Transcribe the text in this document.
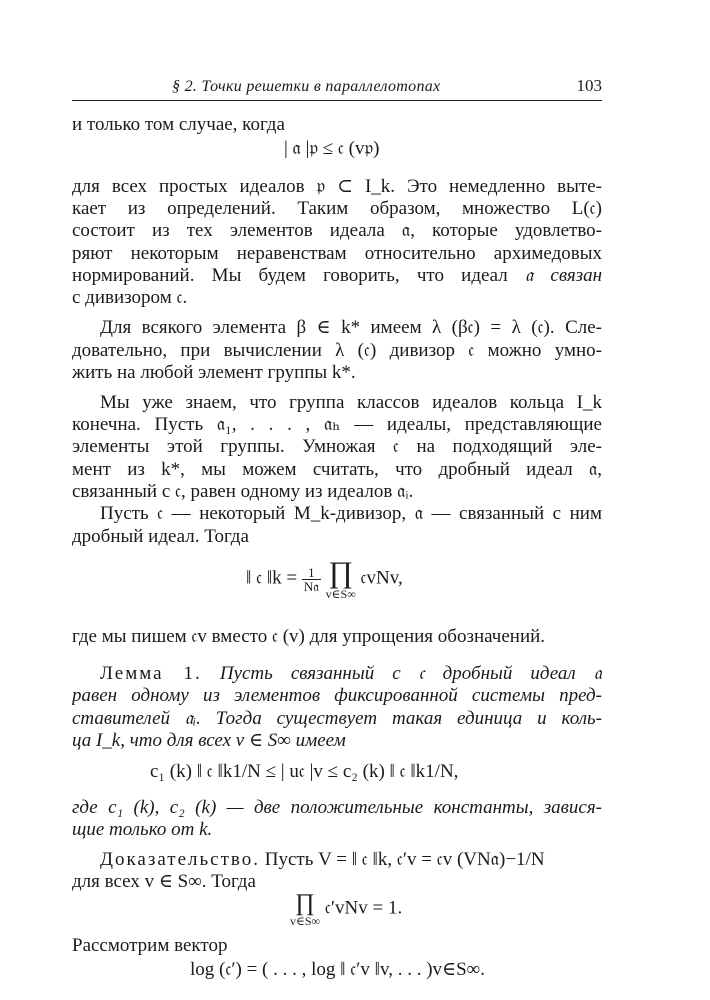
§ 2. Точки решетки в параллелотопах	103
и только том случае, когда
| 𝔞 |𝔭 ≤ 𝔠 (v𝔭)
для всех простых идеалов 𝔭 ⊂ I_k. Это немедленно выте-
кает из определений. Таким образом, множество L(𝔠)
состоит из тех элементов идеала 𝔞, которые удовлетво-
ряют некоторым неравенствам относительно архимедовых
нормирований. Мы будем говорить, что идеал 𝔞 связан
с дивизором 𝔠.
Для всякого элемента β ∈ k* имеем λ (β𝔠) = λ (𝔠). Сле-
довательно, при вычислении λ (𝔠) дивизор 𝔠 можно умно-
жить на любой элемент группы k*.
Мы уже знаем, что группа классов идеалов кольца I_k
конечна. Пусть 𝔞₁, . . . , 𝔞ₕ — идеалы, представляющие
элементы этой группы. Умножая 𝔠 на подходящий эле-
мент из k*, мы можем считать, что дробный идеал 𝔞,
связанный с 𝔠, равен одному из идеалов 𝔞ᵢ.
Пусть 𝔠 — некоторый M_k-дивизор, 𝔞 — связанный с ним
дробный идеал. Тогда
‖ 𝔠 ‖k = $\frac{1}{\text{N𝔞}}$
∏
v∈S∞
𝔠vNv,
где мы пишем 𝔠v вместо 𝔠 (v) для упрощения обозначений.
Лемма 1. Пусть связанный с 𝔠 дробный идеал 𝔞
равен одному из элементов фиксированной системы пред-
ставителей 𝔞ᵢ. Тогда существует такая единица и коль-
ца I_k, что для всех v ∈ S∞ имеем
c₁ (k) ‖ 𝔠 ‖k1/N ≤ | u𝔠 |v ≤ c₂ (k) ‖ 𝔠 ‖k1/N,
где c₁ (k), c₂ (k) — две положительные константы, завися-
щие только от k.
Доказательство. Пусть V = ‖ 𝔠 ‖k, 𝔠′v = 𝔠v (VN𝔞)−1/N
для всех v ∈ S∞. Тогда
∏
v∈S∞
𝔠′vNv = 1.
Рассмотрим вектор
log (𝔠′) = ( . . . , log ‖ 𝔠′v ‖v, . . . )v∈S∞.
